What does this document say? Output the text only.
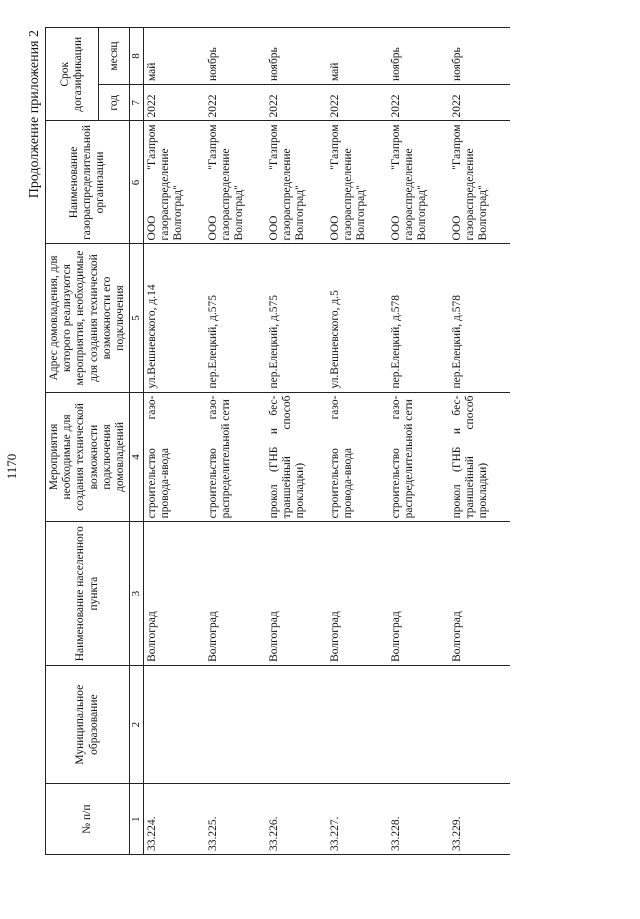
1170
Продолжение приложения 2
№ п/п	Муниципальное образование	Наименование населенного пункта	Мероприятия необходимые для создания технической возможности подключения домовладений	Адрес домовладения, для которого реализуются мероприятия, необходимые для создания технической возможности его подключения	Наименование газораспределительной организации	Срок догазификации	
						год	месяц
1	2	3	4	5	6	7	8
33.224.		Волгоград	строительство газо-провода-ввода	ул.Вешневского, д.14	ООО "Газпром газораспределение Волгоград"	2022	май
33.225.		Волгоград	строительство газо-распределительной сети	пер.Елецкий, д.575	ООО "Газпром газораспределение Волгоград"	2022	ноябрь
33.226.		Волгоград	прокол (ГНБ и бес-траншейный способ прокладки)	пер.Елецкий, д.575	ООО "Газпром газораспределение Волгоград"	2022	ноябрь
33.227.		Волгоград	строительство газо-провода-ввода	ул.Вешневского, д.5	ООО "Газпром газораспределение Волгоград"	2022	май
33.228.		Волгоград	строительство газо-распределительной сети	пер.Елецкий, д.578	ООО "Газпром газораспределение Волгоград"	2022	ноябрь
33.229.		Волгоград	прокол (ГНБ и бес-траншейный способ прокладки)	пер.Елецкий, д.578	ООО "Газпром газораспределение Волгоград"	2022	ноябрь
